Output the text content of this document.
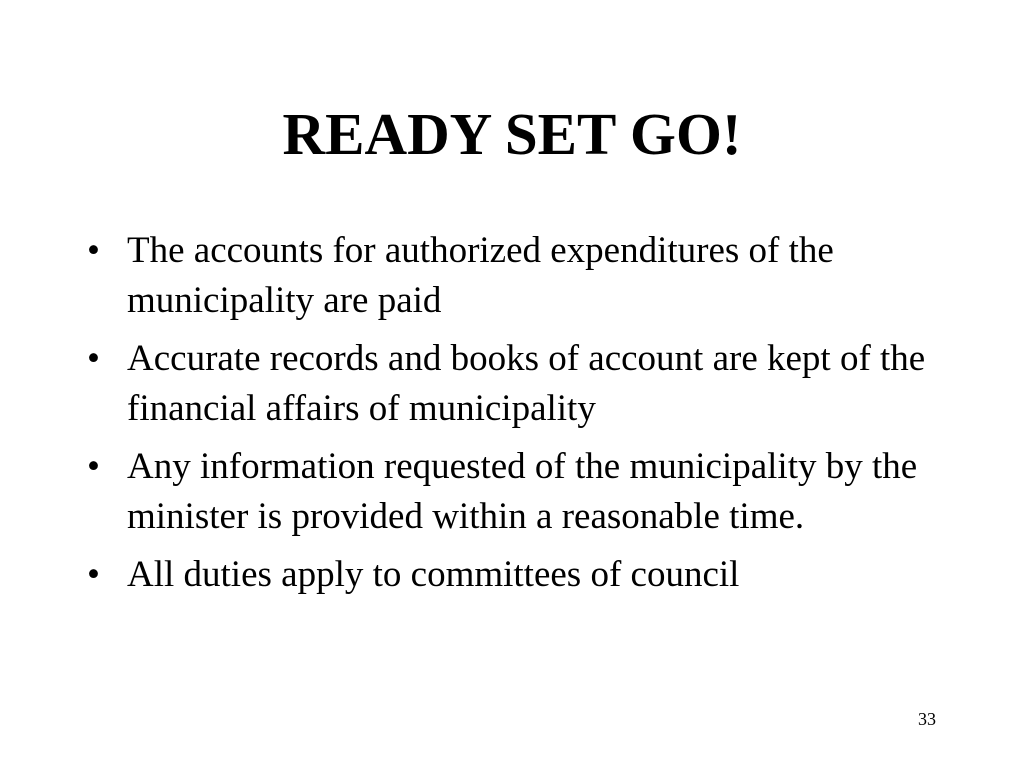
READY SET GO!
• The accounts for authorized expenditures of the municipality are paid
• Accurate records and books of account are kept of the financial affairs of municipality
• Any information requested of the municipality by the minister is provided within a reasonable time.
• All duties apply to committees of council
33
